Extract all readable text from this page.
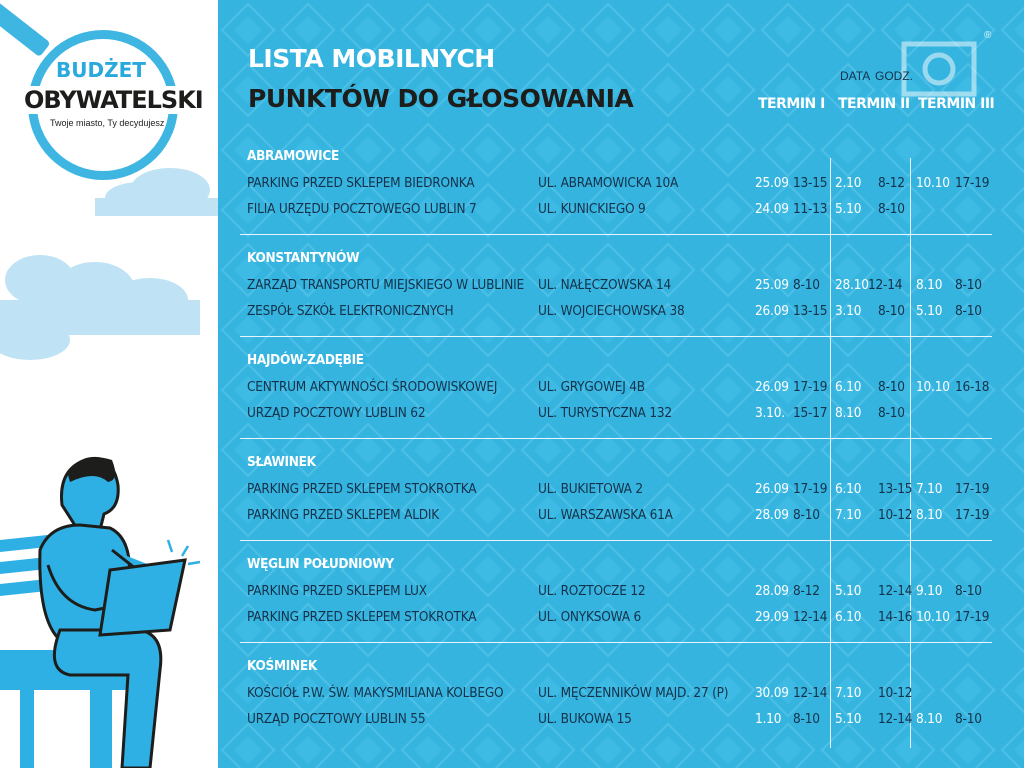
BUDŻET
OBYWATELSKI
Twoje miasto, Ty decydujesz
LISTA MOBILNYCH
PUNKTÓW DO GŁOSOWANIA
®
DATA GODZ.
TERMIN I TERMIN II TERMIN III
ABRAMOWICE
PARKING PRZED SKLEPEM BIEDRONKA	UL. ABRAMOWICKA 10A	25.09 13-15 2.10 8-12 10.10 17-19
FILIA URZĘDU POCZTOWEGO LUBLIN 7	UL. KUNICKIEGO 9	24.09 11-13 5.10 8-10
KONSTANTYNÓW
ZARZĄD TRANSPORTU MIEJSKIEGO W LUBLINIE UL. NAŁĘCZOWSKA 14	25.09 8-10 28.10 12-14 8.10 8-10
ZESPÓŁ SZKÓŁ ELEKTRONICZNYCH	UL. WOJCIECHOWSKA 38	26.09 13-15 3.10 8-10 5.10 8-10
HAJDÓW-ZADĘBIE
CENTRUM AKTYWNOŚCI ŚRODOWISKOWEJ	UL. GRYGOWEJ 4B	26.09 17-19 6.10 8-10 10.10 16-18
URZĄD POCZTOWY LUBLIN 62	UL. TURYSTYCZNA 132	3.10. 15-17 8.10 8-10
SŁAWINEK
PARKING PRZED SKLEPEM STOKROTKA	UL. BUKIETOWA 2	26.09 17-19 6.10 13-15 7.10 17-19
PARKING PRZED SKLEPEM ALDIK	UL. WARSZAWSKA 61A	28.09 8-10 7.10 10-12 8.10 17-19
WĘGLIN POŁUDNIOWY
PARKING PRZED SKLEPEM LUX	UL. ROZTOCZE 12	28.09 8-12 5.10 12-14 9.10 8-10
PARKING PRZED SKLEPEM STOKROTKA	UL. ONYKSOWA 6	29.09 12-14 6.10 14-16 10.10 17-19
KOŚMINEK
KOŚCIÓŁ P.W. ŚW. MAKYSMILIANA KOLBEGO	UL. MĘCZENNIKÓW MAJD. 27 (P) 30.09 12-14 7.10 10-12
URZĄD POCZTOWY LUBLIN 55	UL. BUKOWA 15	1.10 8-10 5.10 12-14 8.10 8-10
